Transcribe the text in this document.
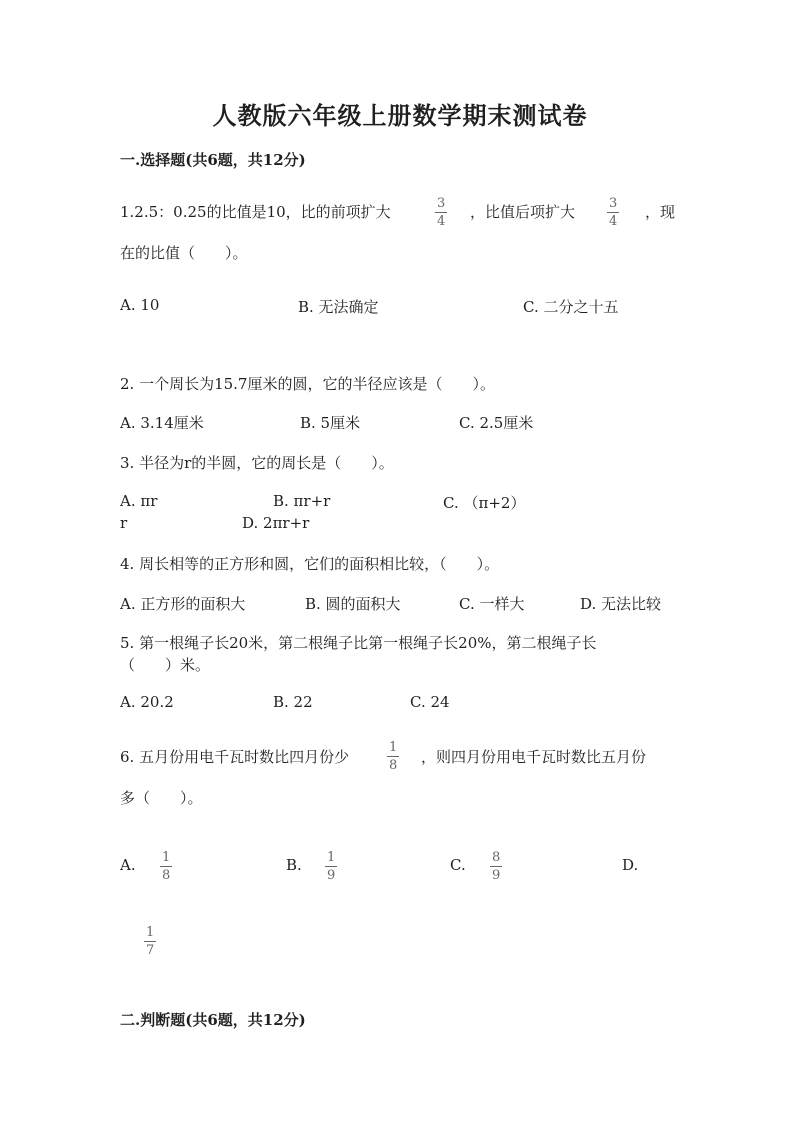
人教版六年级上册数学期末测试卷
一.选择题(共6题，共12分)
1.2.5：0.25的比值是10，比的前项扩大	3
4
，比值后项扩大	3
4
，现
在的比值（　　）。
A. 10	B. 无法确定	C. 二分之十五
2. 一个周长为15.7厘米的圆，它的半径应该是（　　）。
A. 3.14厘米	B. 5厘米	C. 2.5厘米
3. 半径为r的半圆，它的周长是（　　）。
A. πr	B. πr+r	C. （π+2）
r	D. 2πr+r
4. 周长相等的正方形和圆，它们的面积相比较，（　　）。
A. 正方形的面积大	B. 圆的面积大	C. 一样大	D. 无法比较
5. 第一根绳子长20米，第二根绳子比第一根绳子长20%，第二根绳子长
（　　）米。
A. 20.2	B. 22	C. 24
6. 五月份用电千瓦时数比四月份少
1
8 ，则四月份用电千瓦时数比五月份
多（　　）。
A. 1
8
B. 1
9
C. 8
9
D.
1
7
二.判断题(共6题，共12分)
